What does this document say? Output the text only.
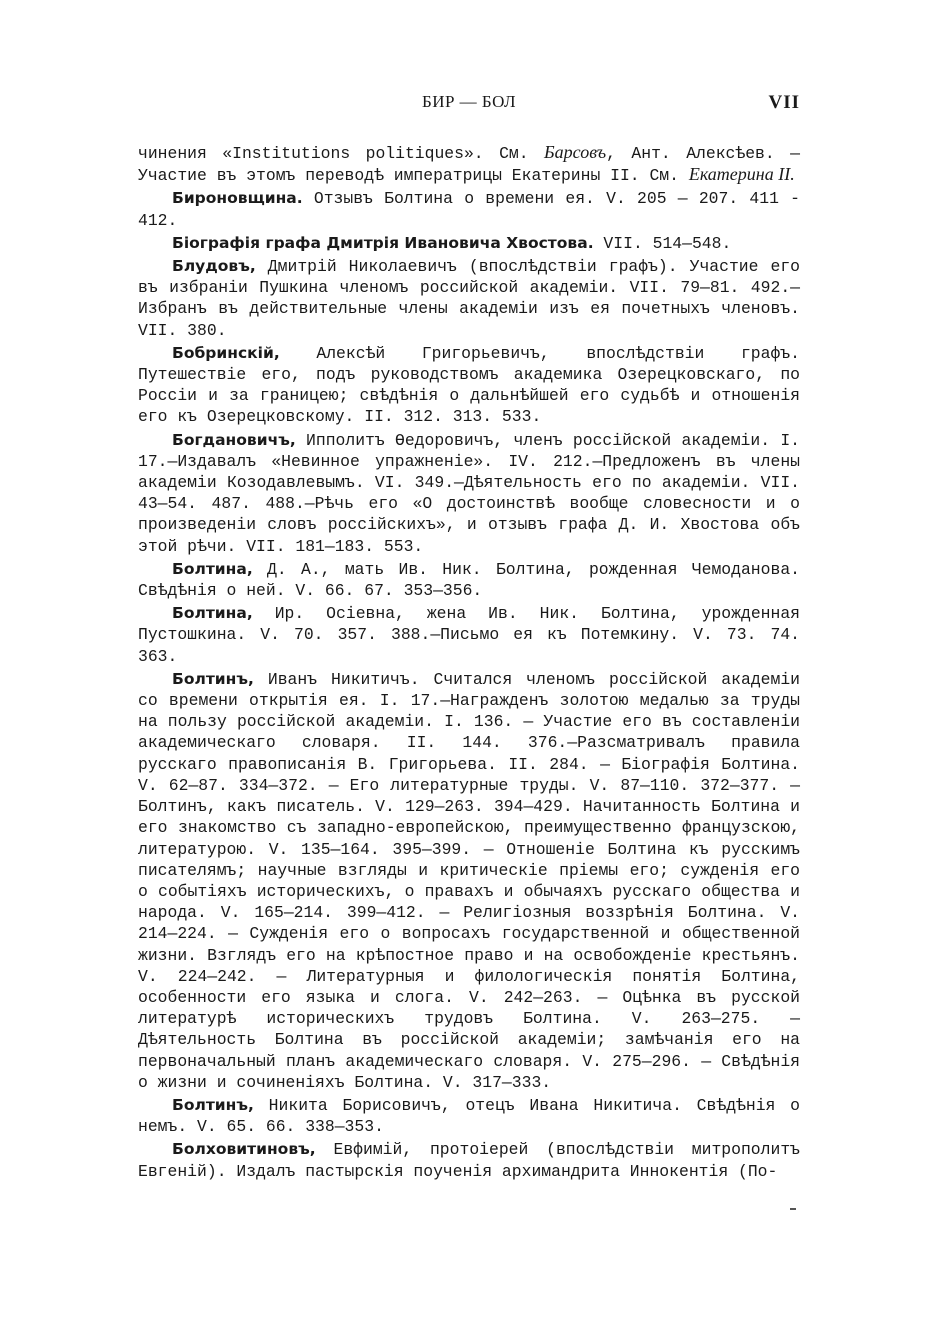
БИР — БОЛ	VII

чинения «Institutions politiques». См. Барсовъ, Ант. Алексѣев. — Участие въ этомъ переводѣ императрицы Екатерины II. См. Екатерина II.

Бироновщина. Отзывъ Болтина о времени ея. V. 205 — 207. 411 - 412.

Біографія графа Дмитрія Ивановича Хвостова. VII. 514—548.

Блудовъ, Дмитрій Николаевичъ (впослѣдствіи графъ). Участие его въ избраніи Пушкина членомъ российской академіи. VII. 79—81. 492.—Избранъ въ действительные члены академіи изъ ея почетныхъ членовъ. VII. 380.

Бобринскій, Алексѣй Григорьевичъ, впослѣдствіи графъ. Путешествіе его, подъ руководствомъ академика Озерецковскаго, по Россіи и за границею; свѣдѣнія о дальнѣйшей его судьбѣ и отношенія его къ Озерецковскому. II. 312. 313. 533.

Богдановичъ, Ипполитъ Өедоровичъ, членъ россійской академіи. I. 17.—Издавалъ «Невинное упражненіе». IV. 212.—Предложенъ въ члены академіи Козодавлевымъ. VI. 349.—Дѣятельность его по академіи. VII. 43—54. 487. 488.—Рѣчь его «О достоинствѣ вообще словесности и о произведеніи словъ россійскихъ», и отзывъ графа Д. И. Хвостова объ этой рѣчи. VII. 181—183. 553.

Болтина, Д. А., мать Ив. Ник. Болтина, рожденная Чемоданова. Свѣдѣнія о ней. V. 66. 67. 353—356.

Болтина, Ир. Осіевна, жена Ив. Ник. Болтина, урожденная Пустошкина. V. 70. 357. 388.—Письмо ея къ Потемкину. V. 73. 74. 363.

Болтинъ, Иванъ Никитичъ. Считался членомъ россійской академіи со времени открытія ея. I. 17.—Награжденъ золотою медалью за труды на пользу россійской академіи. I. 136. — Участие его въ составленіи академическаго словаря. II. 144. 376.—Разсматривалъ правила русскаго правописанія В. Григорьева. II. 284. — Біографія Болтина. V. 62—87. 334—372. — Его литературные труды. V. 87—110. 372—377. — Болтинъ, какъ писатель. V. 129—263. 394—429. Начитанность Болтина и его знакомство съ западно-европейскою, преимущественно французскою, литературою. V. 135—164. 395—399. — Отношеніе Болтина къ русскимъ писателямъ; научные взгляды и критическіе пріемы его; сужденія его о событіяхъ историческихъ, о правахъ и обычаяхъ русскаго общества и народа. V. 165—214. 399—412. — Религіозныя воззрѣнія Болтина. V. 214—224. — Сужденія его о вопросахъ государственной и общественной жизни. Взглядъ его на крѣпостное право и на освобожденіе крестьянъ. V. 224—242. — Литературныя и филологическія понятія Болтина, особенности его языка и слога. V. 242—263. — Оцѣнка въ русской литературѣ историческихъ трудовъ Болтина. V. 263—275. — Дѣятельность Болтина въ россійской академіи; замѣчанія его на первоначальный планъ академическаго словаря. V. 275—296. — Свѣдѣнія о жизни и сочиненіяхъ Болтина. V. 317—333.

Болтинъ, Никита Борисовичъ, отецъ Ивана Никитича. Свѣдѣнія о немъ. V. 65. 66. 338—353.

Болховитиновъ, Евфимій, протоіерей (впослѣдствіи митрополитъ Евгеній). Издалъ пастырскія поученія архимандрита Иннокентія (По-
